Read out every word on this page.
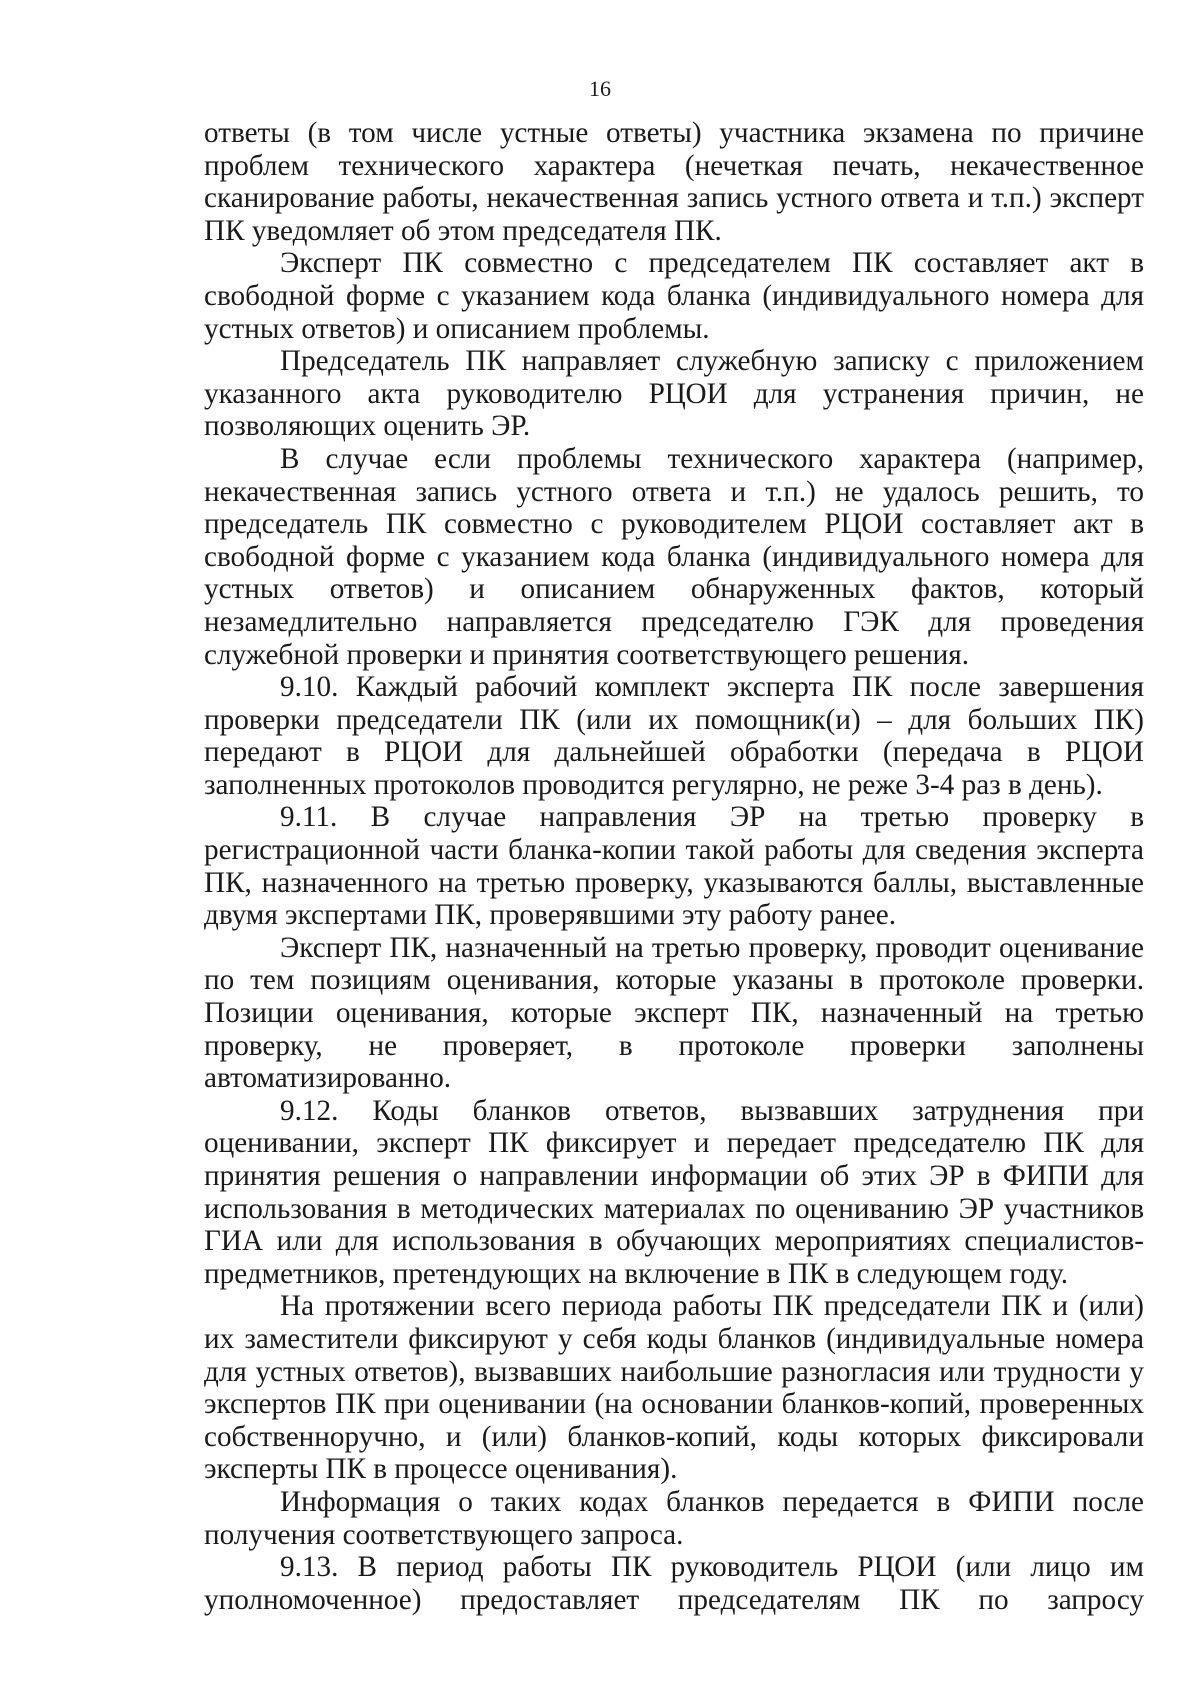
16

ответы (в том числе устные ответы) участника экзамена по причине проблем технического характера (нечеткая печать, некачественное сканирование работы, некачественная запись устного ответа и т.п.) эксперт ПК уведомляет об этом председателя ПК.

Эксперт ПК совместно с председателем ПК составляет акт в свободной форме с указанием кода бланка (индивидуального номера для устных ответов) и описанием проблемы.

Председатель ПК направляет служебную записку с приложением указанного акта руководителю РЦОИ для устранения причин, не позволяющих оценить ЭР.

В случае если проблемы технического характера (например, некачественная запись устного ответа и т.п.) не удалось решить, то председатель ПК совместно с руководителем РЦОИ составляет акт в свободной форме с указанием кода бланка (индивидуального номера для устных ответов) и описанием обнаруженных фактов, который незамедлительно направляется председателю ГЭК для проведения служебной проверки и принятия соответствующего решения.

9.10. Каждый рабочий комплект эксперта ПК после завершения проверки председатели ПК (или их помощник(и) – для больших ПК) передают в РЦОИ для дальнейшей обработки (передача в РЦОИ заполненных протоколов проводится регулярно, не реже 3-4 раз в день).

9.11. В случае направления ЭР на третью проверку в регистрационной части бланка-копии такой работы для сведения эксперта ПК, назначенного на третью проверку, указываются баллы, выставленные двумя экспертами ПК, проверявшими эту работу ранее.

Эксперт ПК, назначенный на третью проверку, проводит оценивание по тем позициям оценивания, которые указаны в протоколе проверки. Позиции оценивания, которые эксперт ПК, назначенный на третью проверку, не проверяет, в протоколе проверки заполнены автоматизированно.

9.12. Коды бланков ответов, вызвавших затруднения при оценивании, эксперт ПК фиксирует и передает председателю ПК для принятия решения о направлении информации об этих ЭР в ФИПИ для использования в методических материалах по оцениванию ЭР участников ГИА или для использования в обучающих мероприятиях специалистов-предметников, претендующих на включение в ПК в следующем году.

На протяжении всего периода работы ПК председатели ПК и (или) их заместители фиксируют у себя коды бланков (индивидуальные номера для устных ответов), вызвавших наибольшие разногласия или трудности у экспертов ПК при оценивании (на основании бланков-копий, проверенных собственноручно, и (или) бланков-копий, коды которых фиксировали эксперты ПК в процессе оценивания).

Информация о таких кодах бланков передается в ФИПИ после получения соответствующего запроса.

9.13. В период работы ПК руководитель РЦОИ (или лицо им уполномоченное) предоставляет председателям ПК по запросу
